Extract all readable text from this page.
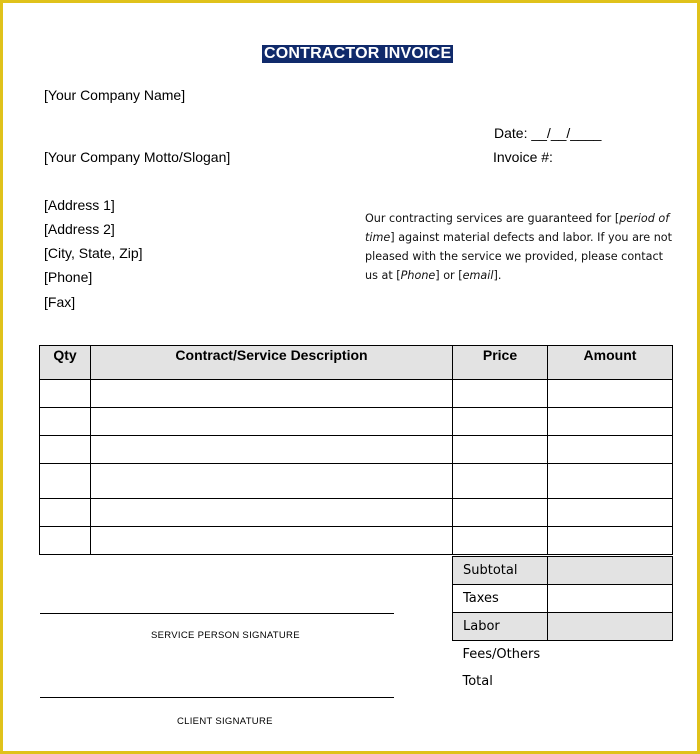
CONTRACTOR INVOICE
[Your Company Name]
[Your Company Motto/Slogan]
Date: __/__/____
Invoice #:
[Address 1]
[Address 2]
[City, State, Zip]
[Phone]
[Fax]
Our contracting services are guaranteed for [period of time] against material defects and labor. If you are not pleased with the service we provided, please contact us at [Phone] or [email].
Qty	Contract/Service Description	Price	Amount

Subtotal	
Taxes	
Labor	
Fees/Others	
Total	
SERVICE PERSON SIGNATURE
CLIENT SIGNATURE
